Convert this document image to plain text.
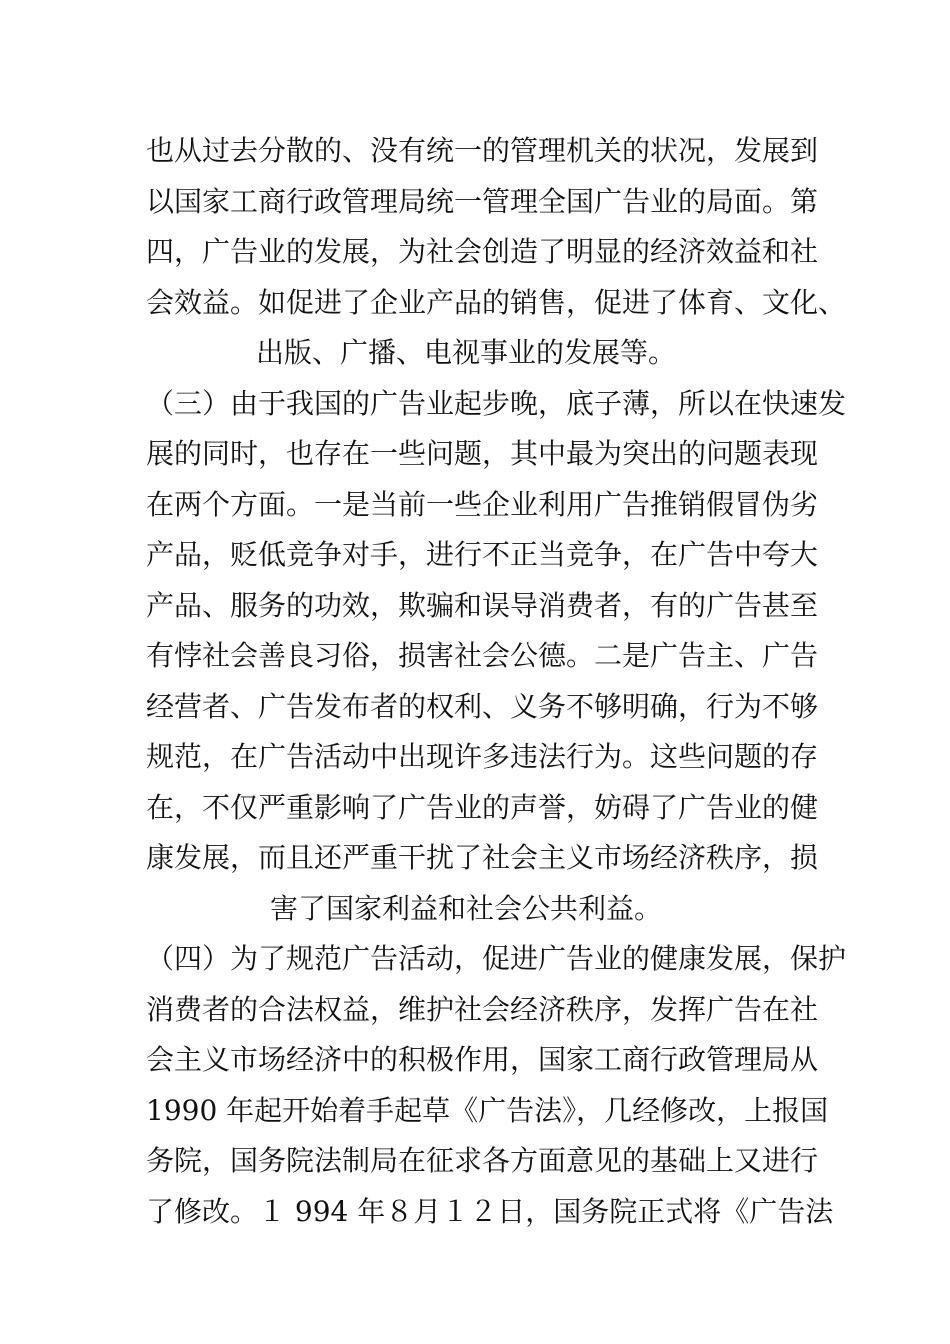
也从过去分散的、没有统一的管理机关的状况，发展到
以国家工商行政管理局统一管理全国广告业的局面。第
四，广告业的发展，为社会创造了明显的经济效益和社
会效益。如促进了企业产品的销售，促进了体育、文化、
出版、广播、电视事业的发展等。
（三）由于我国的广告业起步晚，底子薄，所以在快速发
展的同时，也存在一些问题，其中最为突出的问题表现
在两个方面。一是当前一些企业利用广告推销假冒伪劣
产品，贬低竞争对手，进行不正当竞争，在广告中夸大
产品、服务的功效，欺骗和误导消费者，有的广告甚至
有悖社会善良习俗，损害社会公德。二是广告主、广告
经营者、广告发布者的权利、义务不够明确，行为不够
规范，在广告活动中出现许多违法行为。这些问题的存
在，不仅严重影响了广告业的声誉，妨碍了广告业的健
康发展，而且还严重干扰了社会主义市场经济秩序，损
害了国家利益和社会公共利益。
（四）为了规范广告活动，促进广告业的健康发展，保护
消费者的合法权益，维护社会经济秩序，发挥广告在社
会主义市场经济中的积极作用，国家工商行政管理局从
1990 年起开始着手起草《广告法》，几经修改，上报国
务院，国务院法制局在征求各方面意见的基础上又进行
了修改。１ 994 年８月１２日，国务院正式将《广告法
